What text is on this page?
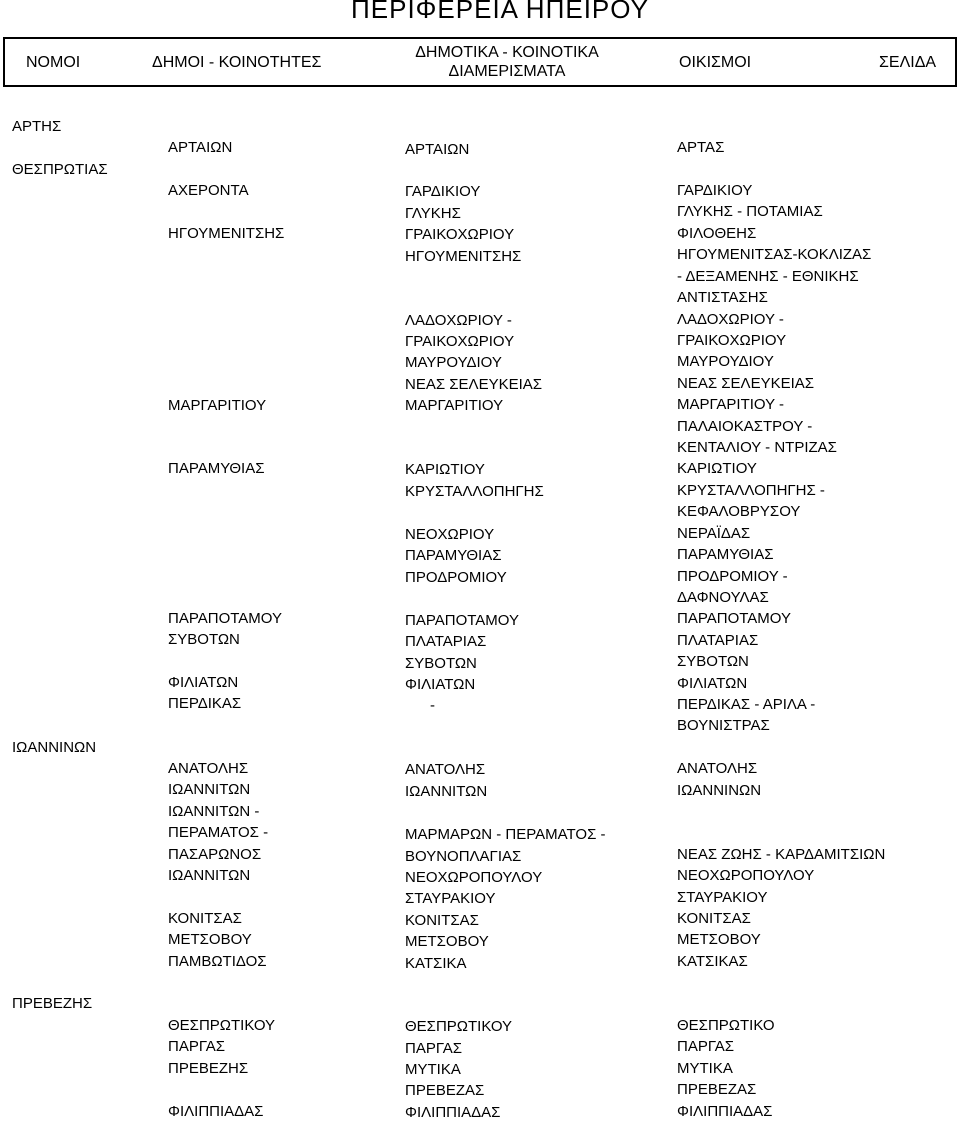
ΠΕΡΙΦΕΡΕΙΑ ΗΠΕΙΡΟΥ
ΝΟΜΟΙ	ΔΗΜΟΙ - ΚΟΙΝΟΤΗΤΕΣ
ΔΗΜΟΤΙΚΑ - ΚΟΙΝΟΤΙΚΑ
ΔΙΑΜΕΡΙΣΜΑΤΑ
ΟΙΚΙΣΜΟΙ	ΣΕΛΙΔΑ
ΑΡΤΗΣ
ΘΕΣΠΡΩΤΙΑΣ
ΙΩΑΝΝΙΝΩΝ
ΠΡΕΒΕΖΗΣ
ΑΡΤΑΙΩΝ
ΑΧΕΡΟΝΤΑ
ΗΓΟΥΜΕΝΙΤΣΗΣ
ΜΑΡΓΑΡΙΤΙΟΥ
ΠΑΡΑΜΥΘΙΑΣ
ΠΑΡΑΠΟΤΑΜΟΥ
ΣΥΒΟΤΩΝ
ΦΙΛΙΑΤΩΝ
ΠΕΡΔΙΚΑΣ
ΑΝΑΤΟΛΗΣ
ΙΩΑΝΝΙΤΩΝ
ΙΩΑΝΝΙΤΩΝ -
ΠΕΡΑΜΑΤΟΣ -
ΠΑΣΑΡΩΝΟΣ
ΙΩΑΝΝΙΤΩΝ
ΚΟΝΙΤΣΑΣ
ΜΕΤΣΟΒΟΥ
ΠΑΜΒΩΤΙΔΟΣ
ΘΕΣΠΡΩΤΙΚΟΥ
ΠΑΡΓΑΣ
ΠΡΕΒΕΖΗΣ
ΦΙΛΙΠΠΙΑΔΑΣ
ΑΡΤΑΙΩΝ
ΓΑΡΔΙΚΙΟΥ
ΓΛΥΚΗΣ
ΓΡΑΙΚΟΧΩΡΙΟΥ
ΗΓΟΥΜΕΝΙΤΣΗΣ
ΛΑΔΟΧΩΡΙΟΥ -
ΓΡΑΙΚΟΧΩΡΙΟΥ
ΜΑΥΡΟΥΔΙΟΥ
ΝΕΑΣ ΣΕΛΕΥΚΕΙΑΣ
ΜΑΡΓΑΡΙΤΙΟΥ
ΚΑΡΙΩΤΙΟΥ
ΚΡΥΣΤΑΛΛΟΠΗΓΗΣ
ΝΕΟΧΩΡΙΟΥ
ΠΑΡΑΜΥΘΙΑΣ
ΠΡΟΔΡΟΜΙΟΥ
ΠΑΡΑΠΟΤΑΜΟΥ
ΠΛΑΤΑΡΙΑΣ
ΣΥΒΟΤΩΝ
ΦΙΛΙΑΤΩΝ
-
ΑΝΑΤΟΛΗΣ
ΙΩΑΝΝΙΤΩΝ
ΜΑΡΜΑΡΩΝ - ΠΕΡΑΜΑΤΟΣ -
ΒΟΥΝΟΠΛΑΓΙΑΣ
ΝΕΟΧΩΡΟΠΟΥΛΟΥ
ΣΤΑΥΡΑΚΙΟΥ
ΚΟΝΙΤΣΑΣ
ΜΕΤΣΟΒΟΥ
ΚΑΤΣΙΚΑ
ΘΕΣΠΡΩΤΙΚΟΥ
ΠΑΡΓΑΣ
ΜΥΤΙΚΑ
ΠΡΕΒΕΖΑΣ
ΦΙΛΙΠΠΙΑΔΑΣ
ΑΡΤΑΣ
ΓΑΡΔΙΚΙΟΥ
ΓΛΥΚΗΣ - ΠΟΤΑΜΙΑΣ
ΦΙΛΟΘΕΗΣ
ΗΓΟΥΜΕΝΙΤΣΑΣ-ΚΟΚΛΙΖΑΣ
- ΔΕΞΑΜΕΝΗΣ - ΕΘΝΙΚΗΣ
ΑΝΤΙΣΤΑΣΗΣ
ΛΑΔΟΧΩΡΙΟΥ -
ΓΡΑΙΚΟΧΩΡΙΟΥ
ΜΑΥΡΟΥΔΙΟΥ
ΝΕΑΣ ΣΕΛΕΥΚΕΙΑΣ
ΜΑΡΓΑΡΙΤΙΟΥ -
ΠΑΛΑΙΟΚΑΣΤΡΟΥ -
ΚΕΝΤΑΛΙΟΥ - ΝΤΡΙΖΑΣ
ΚΑΡΙΩΤΙΟΥ
ΚΡΥΣΤΑΛΛΟΠΗΓΗΣ -
ΚΕΦΑΛΟΒΡΥΣΟΥ
ΝΕΡΑΪΔΑΣ
ΠΑΡΑΜΥΘΙΑΣ
ΠΡΟΔΡΟΜΙΟΥ -
ΔΑΦΝΟΥΛΑΣ
ΠΑΡΑΠΟΤΑΜΟΥ
ΠΛΑΤΑΡΙΑΣ
ΣΥΒΟΤΩΝ
ΦΙΛΙΑΤΩΝ
ΠΕΡΔΙΚΑΣ - ΑΡΙΛΑ -
ΒΟΥΝΙΣΤΡΑΣ
ΑΝΑΤΟΛΗΣ
ΙΩΑΝΝΙΝΩΝ
ΝΕΑΣ ΖΩΗΣ - ΚΑΡΔΑΜΙΤΣΙΩΝ
ΝΕΟΧΩΡΟΠΟΥΛΟΥ
ΣΤΑΥΡΑΚΙΟΥ
ΚΟΝΙΤΣΑΣ
ΜΕΤΣΟΒΟΥ
ΚΑΤΣΙΚΑΣ
ΘΕΣΠΡΩΤΙΚΟ
ΠΑΡΓΑΣ
ΜΥΤΙΚΑ
ΠΡΕΒΕΖΑΣ
ΦΙΛΙΠΠΙΑΔΑΣ
